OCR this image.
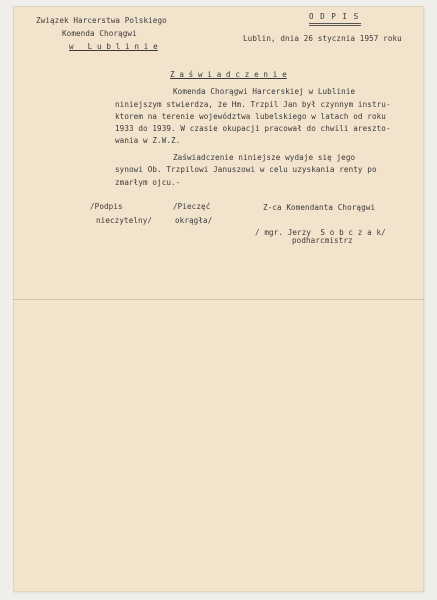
Związek Harcerstwa Polskiego
Komenda Chorągwi
w   L u b l i n i e
O D P I S
Lublin, dnia 26 stycznia 1957 roku
Z a ś w i a d c z e n i e
Komenda Chorągwi Harcerskiej w Lublinie
niniejszym stwierdza, że Hm. Trzpil Jan był czynnym instru-
ktorem na terenie województwa lubelskiego w latach od roku
1933 do 1939. W czasie okupacji pracował do chwili areszto-
wania w Z.W.Z.
Zaświadczenie niniejsze wydaje się jego
synowi Ob. Trzpilowi Januszowi w celu uzyskania renty po
zmarłym ojcu.-
/Podpis
nieczytelny/
/Pieczęć
okrągła/
Z-ca Komendanta Chorągwi
/ mgr. Jerzy  S o b c z a k/
podharcmistrz
